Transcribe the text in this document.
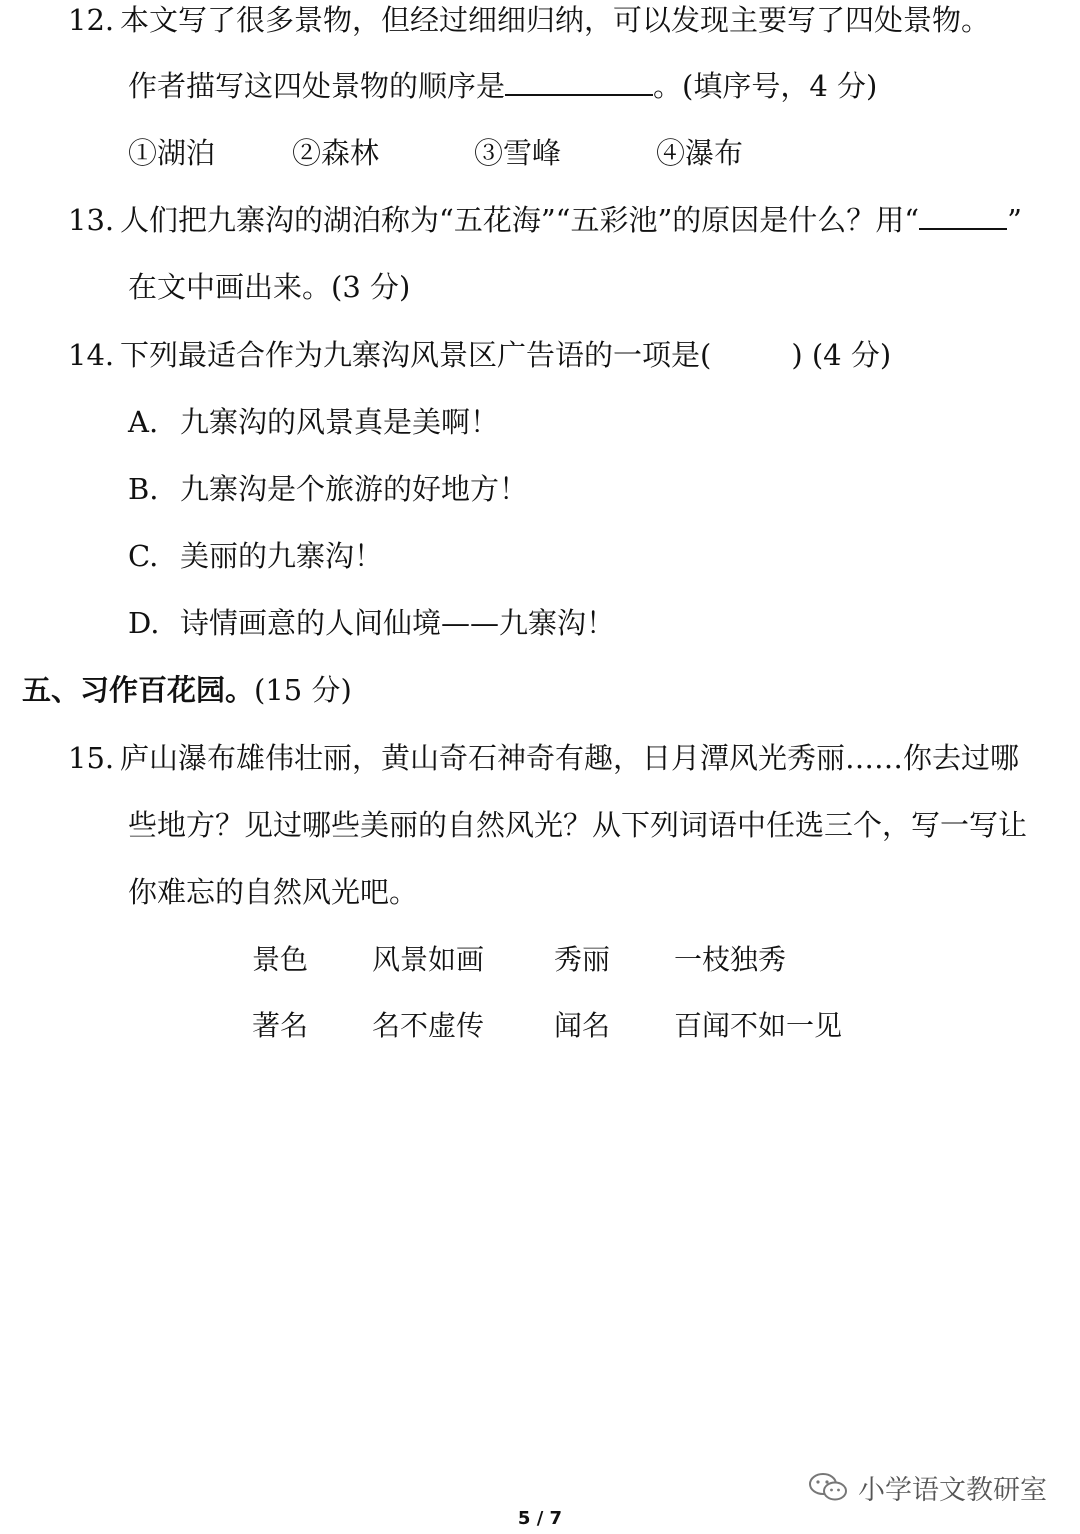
12. 本文写了很多景物，但经过细细归纳，可以发现主要写了四处景物。
作者描写这四处景物的顺序是	。(填序号，4 分)
①湖泊	②森林	③雪峰	④瀑布
13. 人们把九寨沟的湖泊称为“五花海”“五彩池”的原因是什么？用“	”
在文中画出来。(3 分)
14. 下列最适合作为九寨沟风景区广告语的一项是(	) (4 分)
A. 九寨沟的风景真是美啊！
B. 九寨沟是个旅游的好地方！
C. 美丽的九寨沟！
D. 诗情画意的人间仙境——九寨沟！
五、习作百花园。(15 分)
15. 庐山瀑布雄伟壮丽，黄山奇石神奇有趣，日月潭风光秀丽……你去过哪
些地方？见过哪些美丽的自然风光？从下列词语中任选三个，写一写让
你难忘的自然风光吧。
景色 风景如画 秀丽 一枝独秀
著名 名不虚传 闻名 百闻不如一见
小学语文教研室
5 / 7
